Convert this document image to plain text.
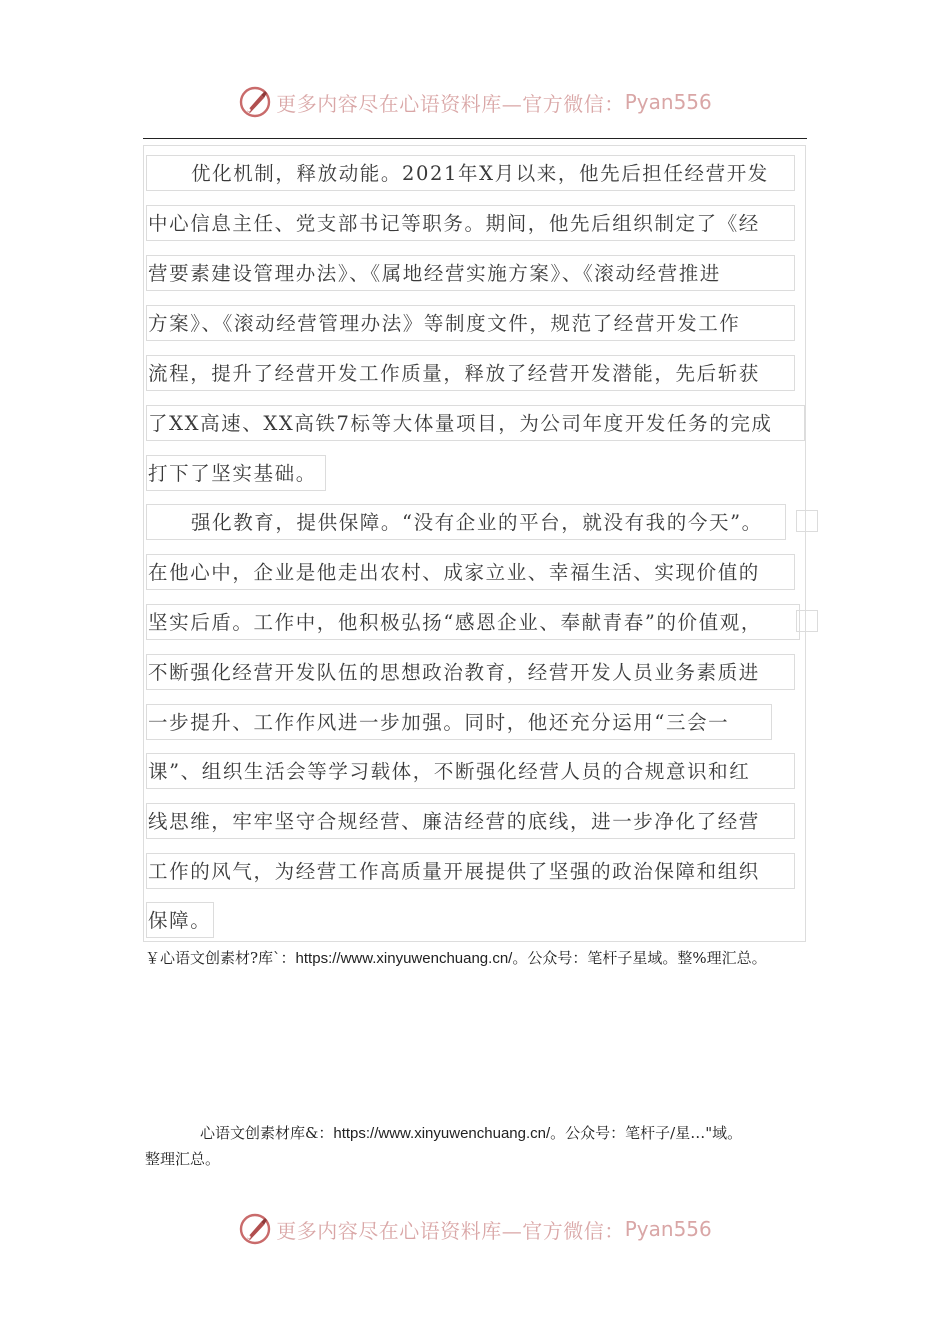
更多内容尽在心语资料库—官方微信： Pyan556
优化机制，释放动能。2021年X月以来，他先后担任经营开发
中心信息主任、党支部书记等职务。期间，他先后组织制定了《经
营要素建设管理办法》、《属地经营实施方案》、《滚动经营推进
方案》、《滚动经营管理办法》等制度文件，规范了经营开发工作
流程，提升了经营开发工作质量，释放了经营开发潜能，先后斩获
了XX高速、XX高铁7标等大体量项目，为公司年度开发任务的完成
打下了坚实基础。
强化教育，提供保障。“没有企业的平台，就没有我的今天”。
在他心中，企业是他走出农村、成家立业、幸福生活、实现价值的
坚实后盾。工作中，他积极弘扬“感恩企业、奉献青春”的价值观，
不断强化经营开发队伍的思想政治教育，经营开发人员业务素质进
一步提升、工作作风进一步加强。同时，他还充分运用“三会一
课”、组织生活会等学习载体，不断强化经营人员的合规意识和红
线思维，牢牢坚守合规经营、廉洁经营的底线，进一步净化了经营
工作的风气，为经营工作高质量开展提供了坚强的政治保障和组织
保障。
￥心语文创素材?库`：https://www.xinyuwenchuang.cn/。公众号：笔杆子星域。整%理汇总。
心语文创素材库&：https://www.xinyuwenchuang.cn/。公众号：笔杆子/星…"域。
整理汇总。
更多内容尽在心语资料库—官方微信： Pyan556
